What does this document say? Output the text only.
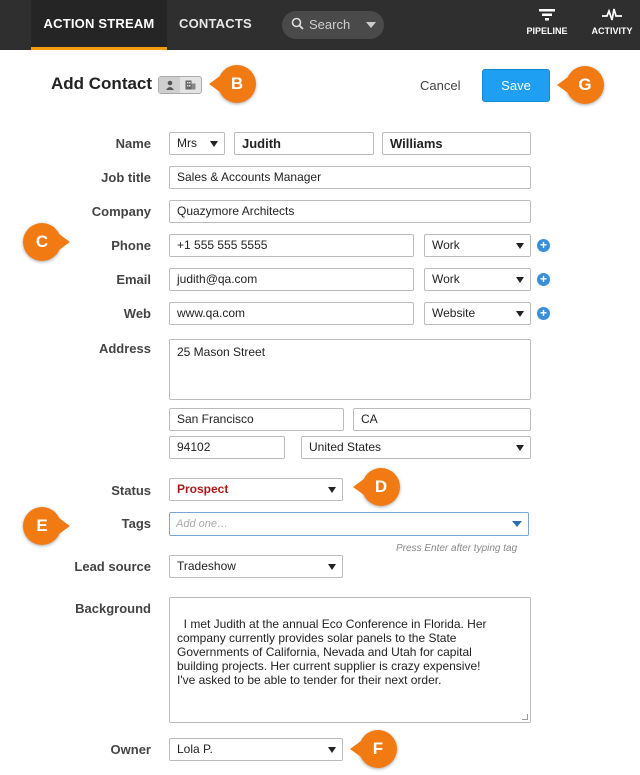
ACTION STREAM	CONTACTS	Search	PIPELINE	ACTIVITY
Add Contact	Cancel	Save
B
C
D
E
F
G
Name	Mrs	Judith	Williams
Job title	Sales & Accounts Manager
Company	Quazymore Architects
Phone	+1 555 555 5555	Work	+
Email	judith@qa.com	Work	+
Web	www.qa.com	Website	+
Address	25 Mason Street
San Francisco	CA
94102	United States
Status	Prospect
Tags	Add one…
Press Enter after typing tag
Lead source	Tradeshow
Background

I met Judith at the annual Eco Conference in Florida. Her
company currently provides solar panels to the State
Governments of California, Nevada and Utah for capital
building projects. Her current supplier is crazy expensive!
I've asked to be able to tender for their next order.

Owner	Lola P.
